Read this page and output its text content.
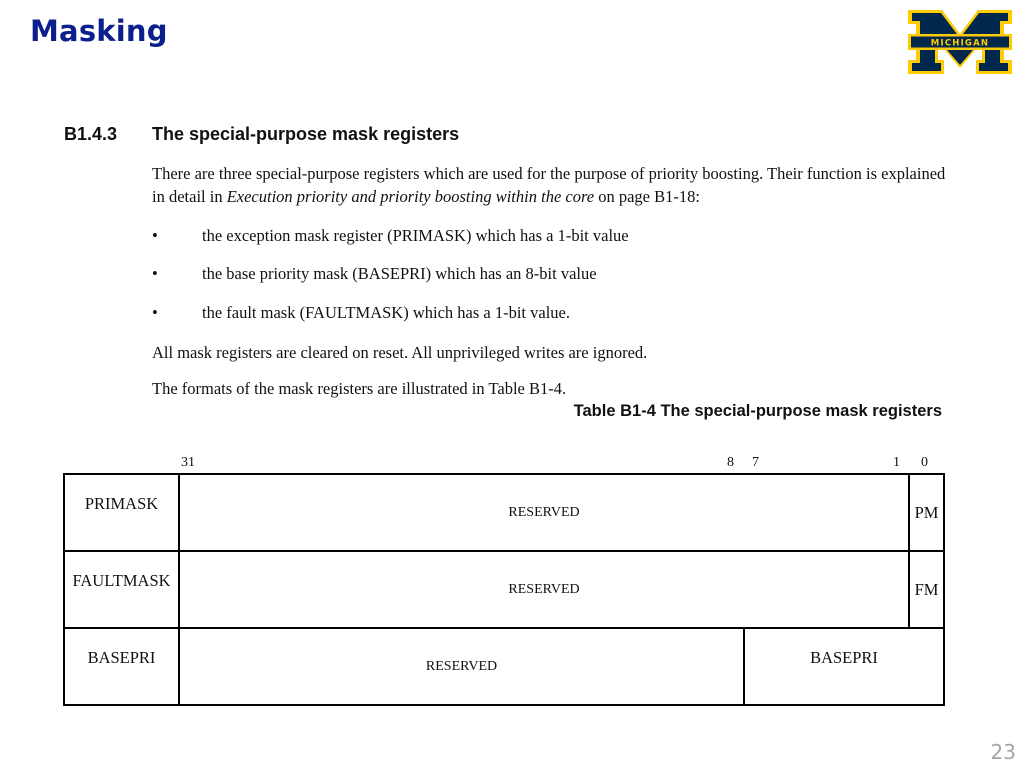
Masking	MICHIGAN
B1.4.3 The special-purpose mask registers
There are three special-purpose registers which are used for the purpose of priority boosting. Their function is explained in detail in Execution priority and priority boosting within the core on page B1-18:
•	the exception mask register (PRIMASK) which has a 1-bit value
•	the base priority mask (BASEPRI) which has an 8-bit value
•	the fault mask (FAULTMASK) which has a 1-bit value.
All mask registers are cleared on reset. All unprivileged writes are ignored.
The formats of the mask registers are illustrated in Table B1-4.
Table B1-4 The special-purpose mask registers
31	8 7	1 0
PRIMASK	RESERVED		PM
FAULTMASK	RESERVED		FM
BASEPRI	RESERVED	BASEPRI	
23
